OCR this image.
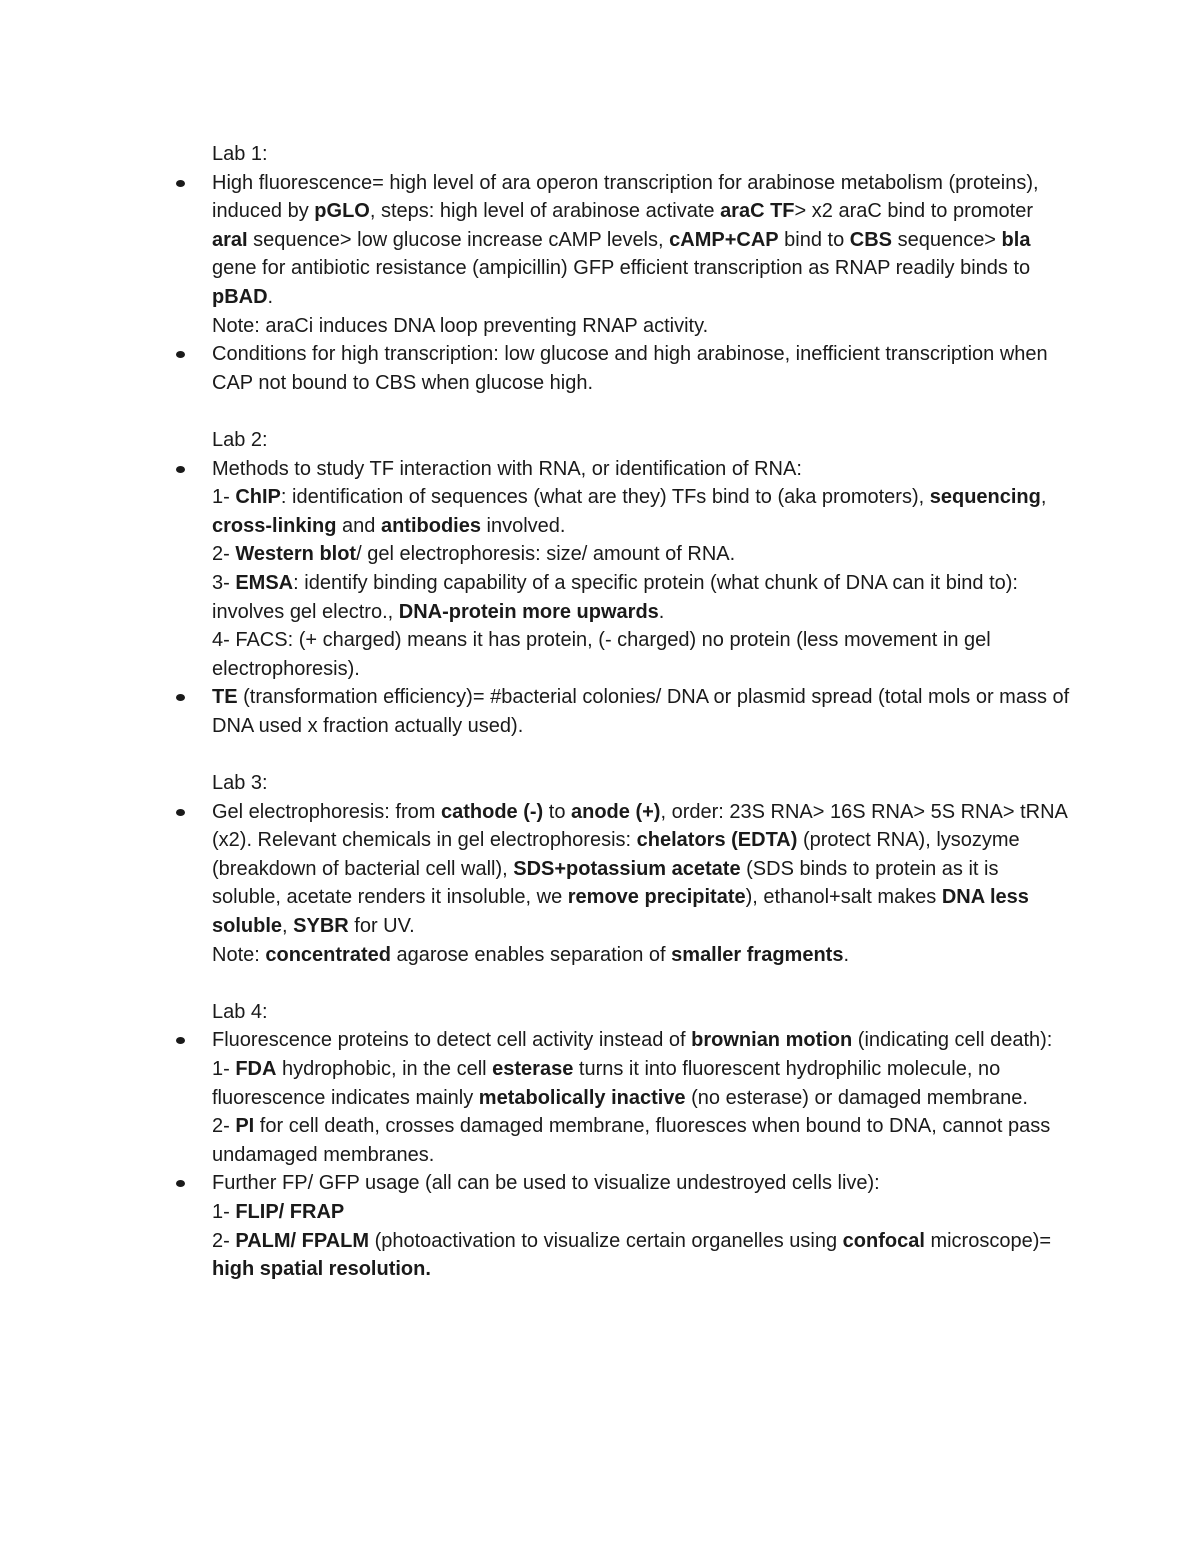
Lab 1:
High fluorescence= high level of ara operon transcription for arabinose metabolism (proteins), induced by pGLO, steps: high level of arabinose activate araC TF> x2 araC bind to promoter araI sequence> low glucose increase cAMP levels, cAMP+CAP bind to CBS sequence> bla gene for antibiotic resistance (ampicillin) GFP efficient transcription as RNAP readily binds to pBAD.
Note: araCi induces DNA loop preventing RNAP activity.
Conditions for high transcription: low glucose and high arabinose, inefficient transcription when CAP not bound to CBS when glucose high.
Lab 2:
Methods to study TF interaction with RNA, or identification of RNA:
1- ChIP: identification of sequences (what are they) TFs bind to (aka promoters), sequencing, cross-linking and antibodies involved.
2- Western blot/ gel electrophoresis: size/ amount of RNA.
3- EMSA: identify binding capability of a specific protein (what chunk of DNA can it bind to): involves gel electro., DNA-protein more upwards.
4- FACS: (+ charged) means it has protein, (- charged) no protein (less movement in gel electrophoresis).
TE (transformation efficiency)= #bacterial colonies/ DNA or plasmid spread (total mols or mass of DNA used x fraction actually used).
Lab 3:
Gel electrophoresis: from cathode (-) to anode (+), order: 23S RNA> 16S RNA> 5S RNA> tRNA (x2). Relevant chemicals in gel electrophoresis: chelators (EDTA) (protect RNA), lysozyme (breakdown of bacterial cell wall), SDS+potassium acetate (SDS binds to protein as it is soluble, acetate renders it insoluble, we remove precipitate), ethanol+salt makes DNA less soluble, SYBR for UV.
Note: concentrated agarose enables separation of smaller fragments.
Lab 4:
Fluorescence proteins to detect cell activity instead of brownian motion (indicating cell death):
1- FDA hydrophobic, in the cell esterase turns it into fluorescent hydrophilic molecule, no fluorescence indicates mainly metabolically inactive (no esterase) or damaged membrane.
2- PI for cell death, crosses damaged membrane, fluoresces when bound to DNA, cannot pass undamaged membranes.
Further FP/ GFP usage (all can be used to visualize undestroyed cells live):
1- FLIP/ FRAP
2- PALM/ FPALM (photoactivation to visualize certain organelles using confocal microscope)= high spatial resolution.
